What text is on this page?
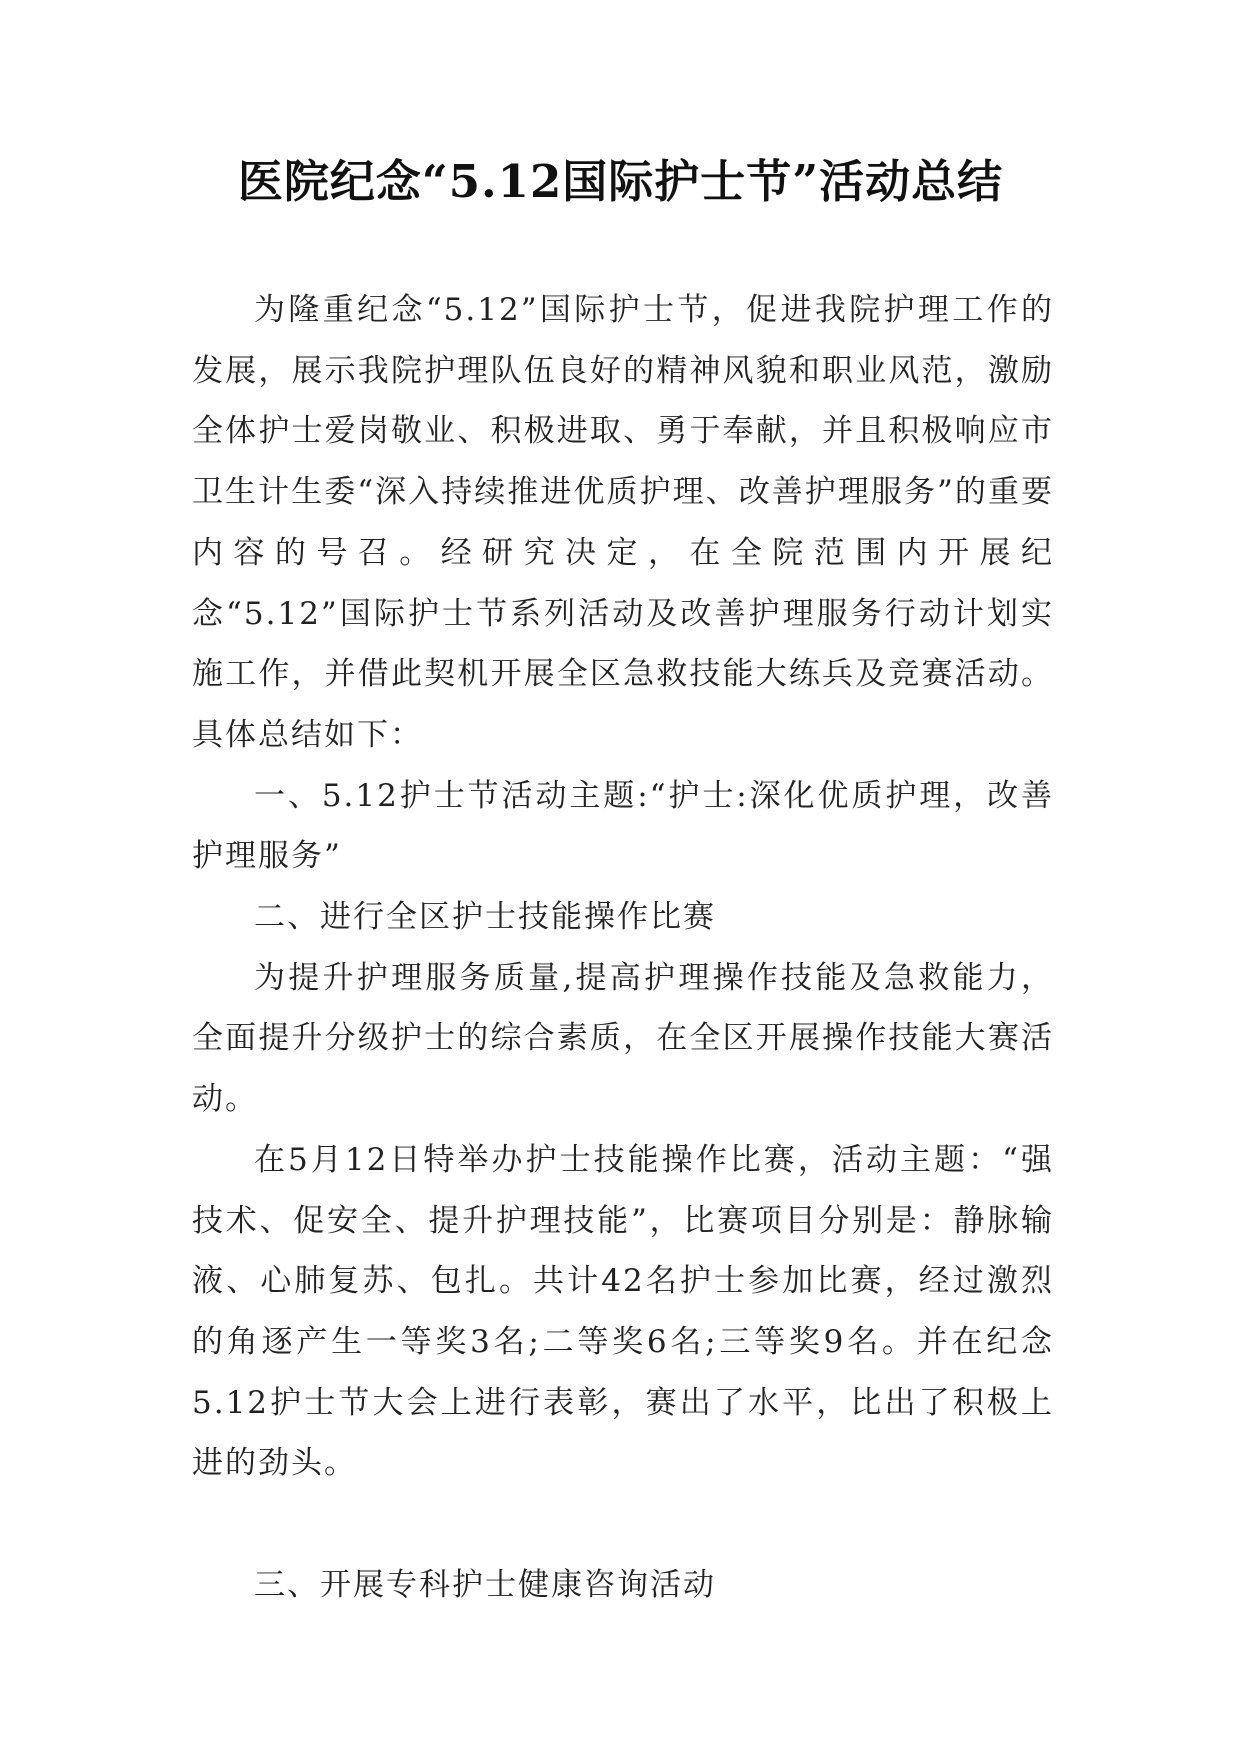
医院纪念“5.12国际护士节”活动总结

为隆重纪念“5.12”国际护士节，促进我院护理工作的发展，展示我院护理队伍良好的精神风貌和职业风范，激励全体护士爱岗敬业、积极进取、勇于奉献，并且积极响应市卫生计生委“深入持续推进优质护理、改善护理服务”的重要内容的号召。经研究决定，在全院范围内开展纪念“5.12”国际护士节系列活动及改善护理服务行动计划实施工作，并借此契机开展全区急救技能大练兵及竞赛活动。具体总结如下：

一、5.12护士节活动主题:“护士:深化优质护理，改善护理服务”

二、进行全区护士技能操作比赛

为提升护理服务质量,提高护理操作技能及急救能力，全面提升分级护士的综合素质，在全区开展操作技能大赛活动。

在5月12日特举办护士技能操作比赛，活动主题：“强技术、促安全、提升护理技能”，比赛项目分别是：静脉输液、心肺复苏、包扎。共计42名护士参加比赛，经过激烈的角逐产生一等奖3名;二等奖6名;三等奖9名。并在纪念5.12护士节大会上进行表彰，赛出了水平，比出了积极上进的劲头。

三、开展专科护士健康咨询活动
